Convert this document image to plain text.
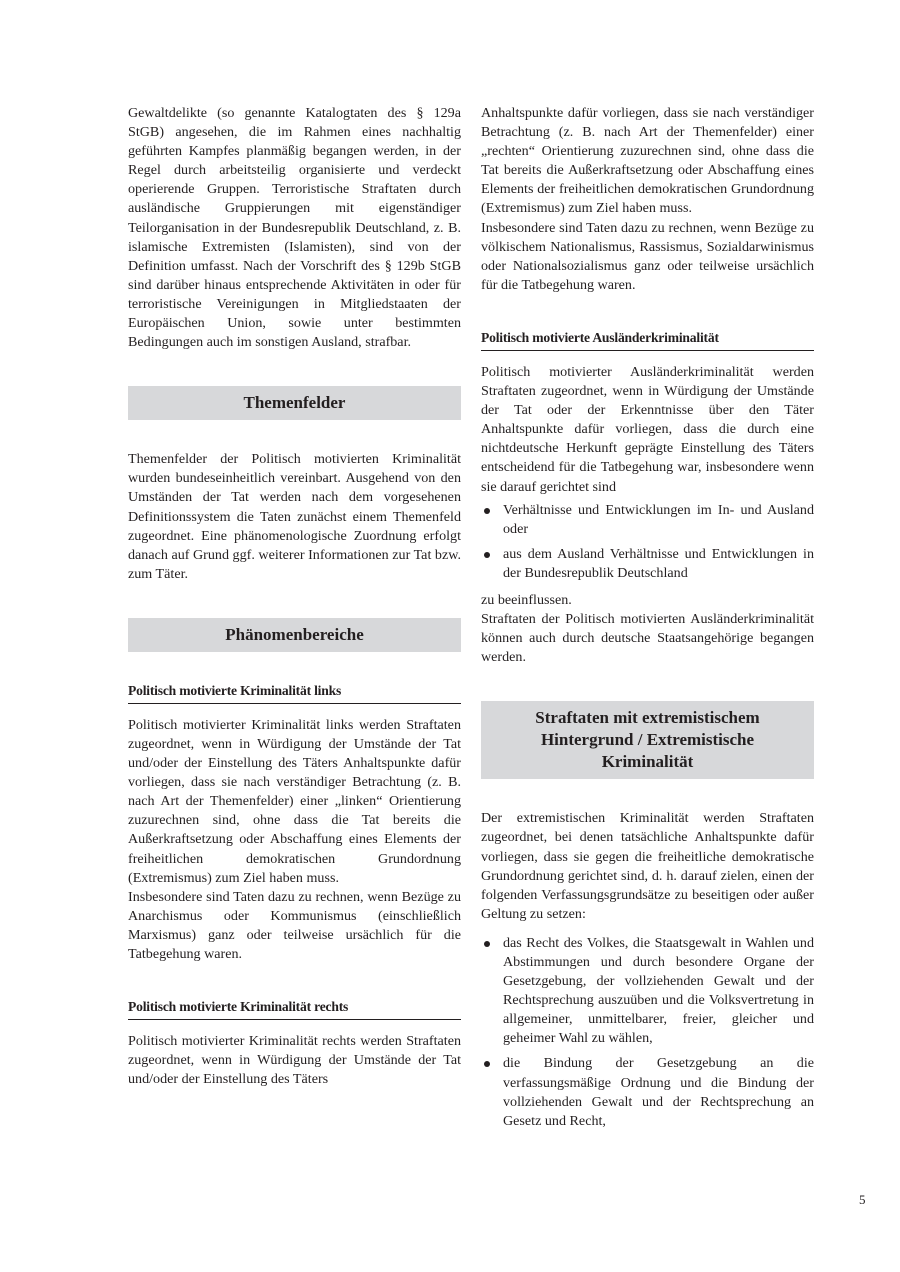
Gewaltdelikte (so genannte Katalogtaten des § 129a StGB) angesehen, die im Rahmen eines nachhaltig geführten Kampfes planmäßig begangen werden, in der Regel durch arbeitsteilig organisierte und verdeckt operierende Gruppen. Terroristische Straftaten durch ausländische Gruppierungen mit eigenständiger Teilorganisation in der Bundesrepublik Deutschland, z. B. islamische Extremisten (Islamisten), sind von der Definition umfasst. Nach der Vorschrift des § 129b StGB sind darüber hinaus entsprechende Aktivitäten in oder für terroristische Vereinigungen in Mitgliedstaaten der Europäischen Union, sowie unter bestimmten Bedingungen auch im sonstigen Ausland, strafbar.

Themenfelder

Themenfelder der Politisch motivierten Kriminalität wurden bundeseinheitlich vereinbart. Ausgehend von den Umständen der Tat werden nach dem vorgesehenen Definitionssystem die Taten zunächst einem Themenfeld zugeordnet. Eine phänomenologische Zuordnung erfolgt danach auf Grund ggf. weiterer Informationen zur Tat bzw. zum Täter.

Phänomenbereiche
Politisch motivierte Kriminalität links

Politisch motivierter Kriminalität links werden Straftaten zugeordnet, wenn in Würdigung der Umstände der Tat und/oder der Einstellung des Täters Anhaltspunkte dafür vorliegen, dass sie nach verständiger Betrachtung (z. B. nach Art der Themenfelder) einer „linken“ Orientierung zuzurechnen sind, ohne dass die Tat bereits die Außerkraftsetzung oder Abschaffung eines Elements der freiheitlichen demokratischen Grundordnung (Extremismus) zum Ziel haben muss.

Insbesondere sind Taten dazu zu rechnen, wenn Bezüge zu Anarchismus oder Kommunismus (einschließlich Marxismus) ganz oder teilweise ursächlich für die Tatbegehung waren.

Politisch motivierte Kriminalität rechts

Politisch motivierter Kriminalität rechts werden Straftaten zugeordnet, wenn in Würdigung der Umstände der Tat und/oder der Einstellung des Täters

Anhaltspunkte dafür vorliegen, dass sie nach verständiger Betrachtung (z. B. nach Art der Themenfelder) einer „rechten“ Orientierung zuzurechnen sind, ohne dass die Tat bereits die Außerkraftsetzung oder Abschaffung eines Elements der freiheitlichen demokratischen Grundordnung (Extremismus) zum Ziel haben muss.

Insbesondere sind Taten dazu zu rechnen, wenn Bezüge zu völkischem Nationalismus, Rassismus, Sozialdarwinismus oder Nationalsozialismus ganz oder teilweise ursächlich für die Tatbegehung waren.

Politisch motivierte Ausländerkriminalität

Politisch motivierter Ausländerkriminalität werden Straftaten zugeordnet, wenn in Würdigung der Umstände der Tat oder der Erkenntnisse über den Täter Anhaltspunkte dafür vorliegen, dass die durch eine nichtdeutsche Herkunft geprägte Einstellung des Täters entscheidend für die Tatbegehung war, insbesondere wenn sie darauf gerichtet sind

Verhältnisse und Entwicklungen im In- und Ausland oder
aus dem Ausland Verhältnisse und Entwicklungen in der Bundesrepublik Deutschland

zu beeinflussen.

Straftaten der Politisch motivierten Ausländerkriminalität können auch durch deutsche Staatsangehörige begangen werden.

Straftaten mit extremistischem
Hintergrund / Extremistische
Kriminalität

Der extremistischen Kriminalität werden Straftaten zugeordnet, bei denen tatsächliche Anhaltspunkte dafür vorliegen, dass sie gegen die freiheitliche demokratische Grundordnung gerichtet sind, d. h. darauf zielen, einen der folgenden Verfassungsgrundsätze zu beseitigen oder außer Geltung zu setzen:

das Recht des Volkes, die Staatsgewalt in Wahlen und Abstimmungen und durch besondere Organe der Gesetzgebung, der vollziehenden Gewalt und der Rechtsprechung auszuüben und die Volksvertretung in allgemeiner, unmittelbarer, freier, gleicher und geheimer Wahl zu wählen,
die Bindung der Gesetzgebung an die verfassungsmäßige Ordnung und die Bindung der vollziehenden Gewalt und der Rechtsprechung an Gesetz und Recht,
5
